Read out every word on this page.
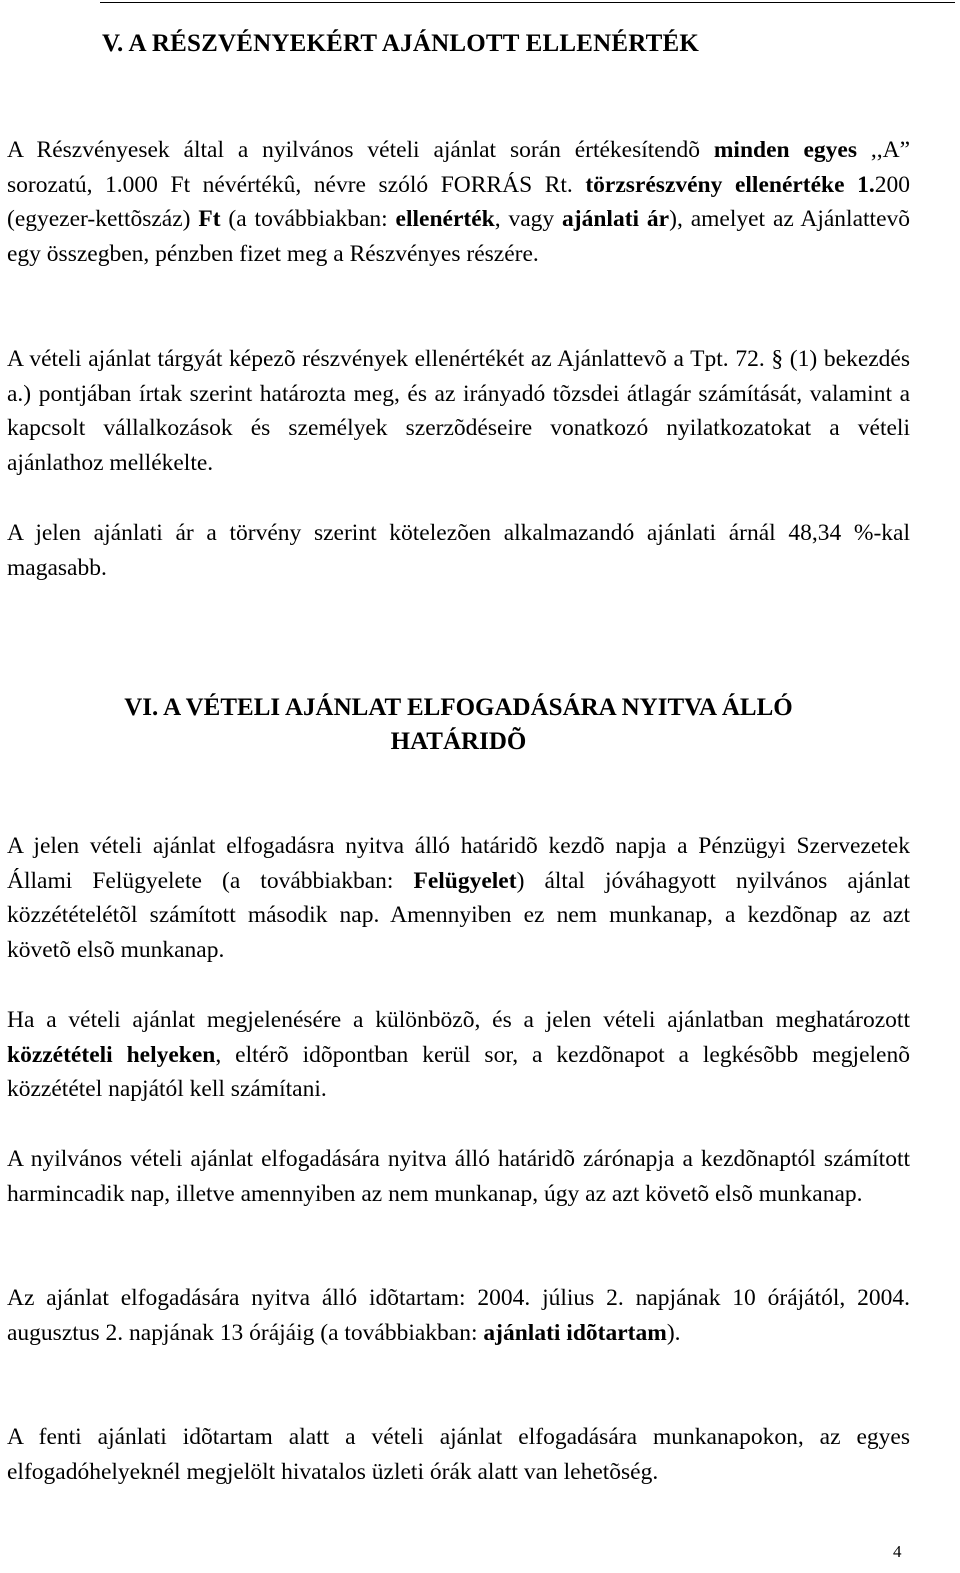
V. A RÉSZVÉNYEKÉRT AJÁNLOTT ELLENÉRTÉK
A Részvényesek által a nyilvános vételi ajánlat során értékesítendõ minden egyes ,,A” sorozatú, 1.000 Ft névértékû, névre szóló FORRÁS Rt. törzsrészvény ellenértéke 1.200 (egyezer-kettõszáz) Ft (a továbbiakban: ellenérték, vagy ajánlati ár), amelyet az Ajánlattevõ egy összegben, pénzben fizet meg a Részvényes részére.
A vételi ajánlat tárgyát képezõ részvények ellenértékét az Ajánlattevõ a Tpt. 72. § (1) bekezdés a.) pontjában írtak szerint határozta meg, és az irányadó tõzsdei átlagár számítását, valamint a kapcsolt vállalkozások és személyek szerzõdéseire vonatkozó nyilatkozatokat a vételi ajánlathoz mellékelte.
A jelen ajánlati ár a törvény szerint kötelezõen alkalmazandó ajánlati árnál 48,34 %-kal magasabb.
VI. A VÉTELI AJÁNLAT ELFOGADÁSÁRA NYITVA ÁLLÓ
HATÁRIDÕ
A jelen vételi ajánlat elfogadásra nyitva álló határidõ kezdõ napja a Pénzügyi Szervezetek Állami Felügyelete (a továbbiakban: Felügyelet) által jóváhagyott nyilvános ajánlat közzétételétõl számított második nap. Amennyiben ez nem munkanap, a kezdõnap az azt követõ elsõ munkanap.
Ha a vételi ajánlat megjelenésére a különbözõ, és a jelen vételi ajánlatban meghatározott közzétételi helyeken, eltérõ idõpontban kerül sor, a kezdõnapot a legkésõbb megjelenõ közzététel napjától kell számítani.
A nyilvános vételi ajánlat elfogadására nyitva álló határidõ zárónapja a kezdõnaptól számított harmincadik nap, illetve amennyiben az nem munkanap, úgy az azt követõ elsõ munkanap.
Az ajánlat elfogadására nyitva álló idõtartam: 2004. július 2. napjának 10 órájától, 2004. augusztus 2. napjának 13 órájáig (a továbbiakban: ajánlati idõtartam).
A fenti ajánlati idõtartam alatt a vételi ajánlat elfogadására munkanapokon, az egyes elfogadóhelyeknél megjelölt hivatalos üzleti órák alatt van lehetõség.
4
